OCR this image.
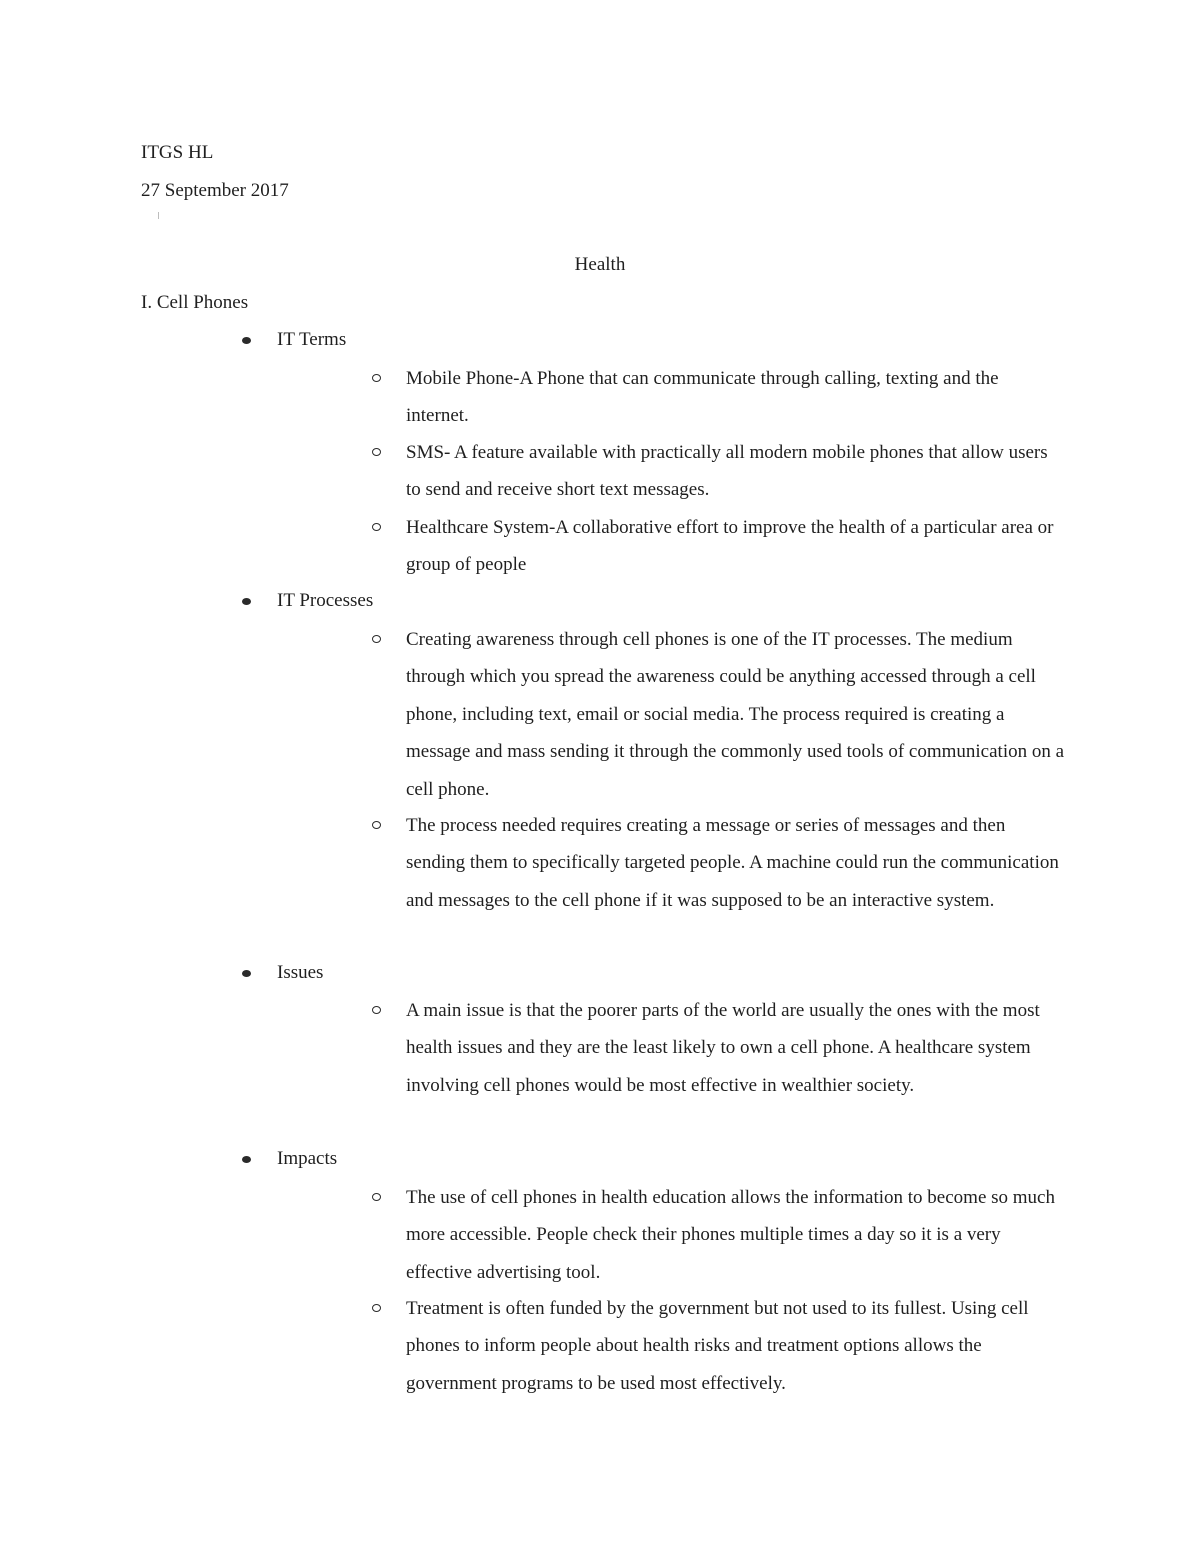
ITGS HL
27 September 2017
Health
I. Cell Phones
IT Terms

Mobile Phone-A Phone that can communicate through calling, texting and the internet.

SMS- A feature available with practically all modern mobile phones that allow users to send and receive short text messages.

Healthcare System-A collaborative effort to improve the health of a particular area or group of people

IT Processes

Creating awareness through cell phones is one of the IT processes. The medium through which you spread the awareness could be anything accessed through a cell phone, including text, email or social media. The process required is creating a message and mass sending it through the commonly used tools of communication on a cell phone.

The process needed requires creating a message or series of messages and then sending them to specifically targeted people. A machine could run the communication and messages to the cell phone if it was supposed to be an interactive system.

Issues

A main issue is that the poorer parts of the world are usually the ones with the most health issues and they are the least likely to own a cell phone. A healthcare system involving cell phones would be most effective in wealthier society.

Impacts

The use of cell phones in health education allows the information to become so much more accessible. People check their phones multiple times a day so it is a very effective advertising tool.

Treatment is often funded by the government but not used to its fullest. Using cell phones to inform people about health risks and treatment options allows the government programs to be used most effectively.
